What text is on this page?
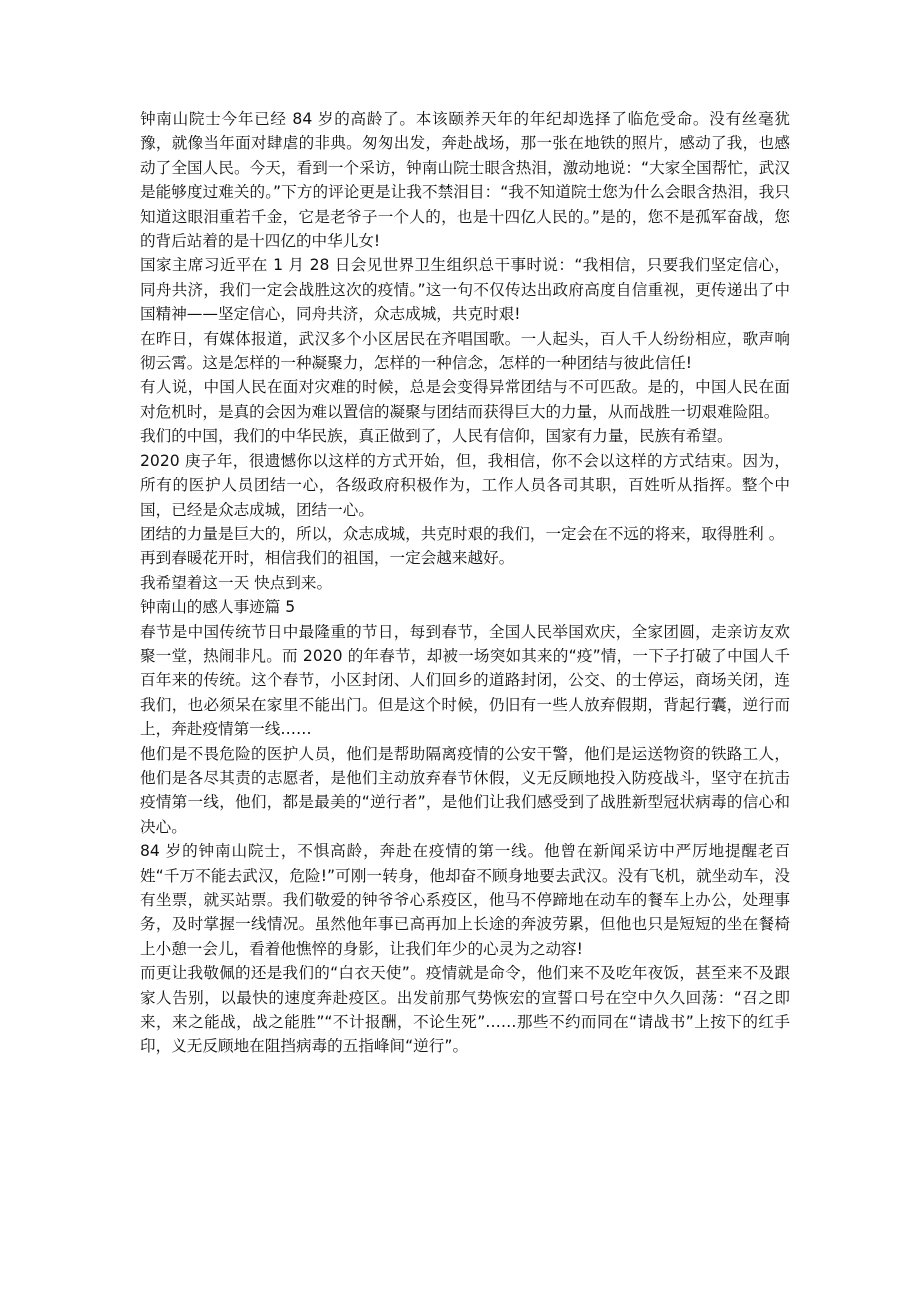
钟南山院士今年已经 84 岁的高龄了。本该颐养天年的年纪却选择了临危受命。没有丝毫犹豫，就像当年面对肆虐的非典。匆匆出发，奔赴战场，那一张在地铁的照片，感动了我，也感动了全国人民。今天，看到一个采访，钟南山院士眼含热泪，激动地说：“大家全国帮忙，武汉是能够度过难关的。”下方的评论更是让我不禁泪目：“我不知道院士您为什么会眼含热泪，我只知道这眼泪重若千金，它是老爷子一个人的，也是十四亿人民的。”是的，您不是孤军奋战，您的背后站着的是十四亿的中华儿女!

国家主席习近平在 1 月 28 日会见世界卫生组织总干事时说：“我相信，只要我们坚定信心，同舟共济，我们一定会战胜这次的疫情。”这一句不仅传达出政府高度自信重视，更传递出了中国精神——坚定信心，同舟共济，众志成城，共克时艰!

在昨日，有媒体报道，武汉多个小区居民在齐唱国歌。一人起头，百人千人纷纷相应，歌声响彻云霄。这是怎样的一种凝聚力，怎样的一种信念，怎样的一种团结与彼此信任!

有人说，中国人民在面对灾难的时候，总是会变得异常团结与不可匹敌。是的，中国人民在面对危机时，是真的会因为难以置信的凝聚与团结而获得巨大的力量，从而战胜一切艰难险阻。

我们的中国，我们的中华民族，真正做到了，人民有信仰，国家有力量，民族有希望。

2020 庚子年，很遗憾你以这样的方式开始，但，我相信，你不会以这样的方式结束。因为，所有的医护人员团结一心，各级政府积极作为，工作人员各司其职，百姓听从指挥。整个中国，已经是众志成城，团结一心。

团结的力量是巨大的，所以，众志成城，共克时艰的我们，一定会在不远的将来，取得胜利 。

再到春暖花开时，相信我们的祖国，一定会越来越好。

我希望着这一天 快点到来。

钟南山的感人事迹篇 5

春节是中国传统节日中最隆重的节日，每到春节，全国人民举国欢庆，全家团圆，走亲访友欢聚一堂，热闹非凡。而 2020 的年春节，却被一场突如其来的“疫”情，一下子打破了中国人千百年来的传统。这个春节，小区封闭、人们回乡的道路封闭，公交、的士停运，商场关闭，连我们，也必须呆在家里不能出门。但是这个时候，仍旧有一些人放弃假期，背起行囊，逆行而上，奔赴疫情第一线……

他们是不畏危险的医护人员，他们是帮助隔离疫情的公安干警，他们是运送物资的铁路工人，他们是各尽其责的志愿者，是他们主动放弃春节休假，义无反顾地投入防疫战斗，坚守在抗击疫情第一线，他们，都是最美的“逆行者”，是他们让我们感受到了战胜新型冠状病毒的信心和决心。

84 岁的钟南山院士，不惧高龄，奔赴在疫情的第一线。他曾在新闻采访中严厉地提醒老百姓“千万不能去武汉，危险!”可刚一转身，他却奋不顾身地要去武汉。没有飞机，就坐动车，没有坐票，就买站票。我们敬爱的钟爷爷心系疫区，他马不停蹄地在动车的餐车上办公，处理事务，及时掌握一线情况。虽然他年事已高再加上长途的奔波劳累，但他也只是短短的坐在餐椅上小憩一会儿，看着他憔悴的身影，让我们年少的心灵为之动容!

而更让我敬佩的还是我们的“白衣天使”。疫情就是命令，他们来不及吃年夜饭，甚至来不及跟家人告别，以最快的速度奔赴疫区。出发前那气势恢宏的宣誓口号在空中久久回荡：“召之即来，来之能战，战之能胜”“不计报酬，不论生死”……那些不约而同在“请战书”上按下的红手印，义无反顾地在阻挡病毒的五指峰间“逆行”。
